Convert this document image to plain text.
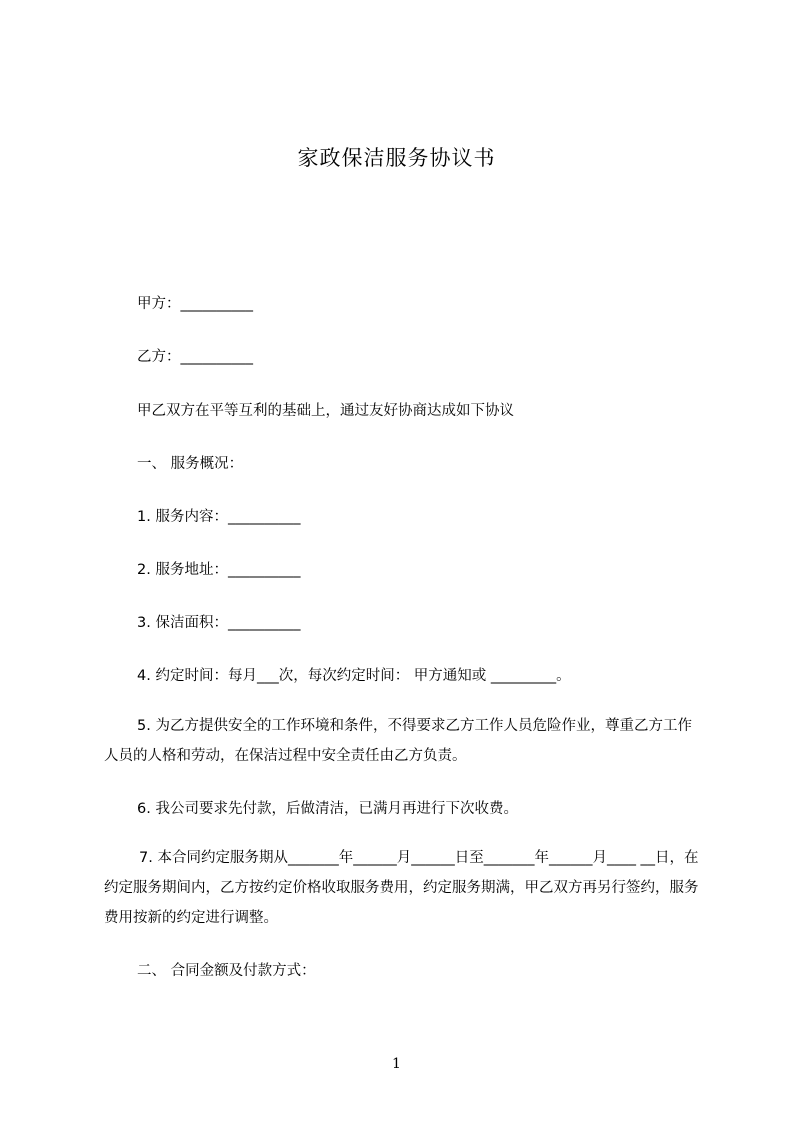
家政保洁服务协议书
甲方：__________
乙方：__________
甲乙双方在平等互利的基础上，通过友好协商达成如下协议
一、 服务概况：
1. 服务内容：__________
2. 服务地址：__________
3. 保洁面积：__________
4. 约定时间：每月___次，每次约定时间： 甲方通知或 _________。
5. 为乙方提供安全的工作环境和条件，不得要求乙方工作人员危险作业，尊重乙方工作人员的人格和劳动，在保洁过程中安全责任由乙方负责。
6. 我公司要求先付款，后做清洁，已满月再进行下次收费。
7. 本合同约定服务期从_______年______月______日至_______年______月____ __日，在约定服务期间内，乙方按约定价格收取服务费用，约定服务期满，甲乙双方再另行签约，服务费用按新的约定进行调整。
二、 合同金额及付款方式：
1
